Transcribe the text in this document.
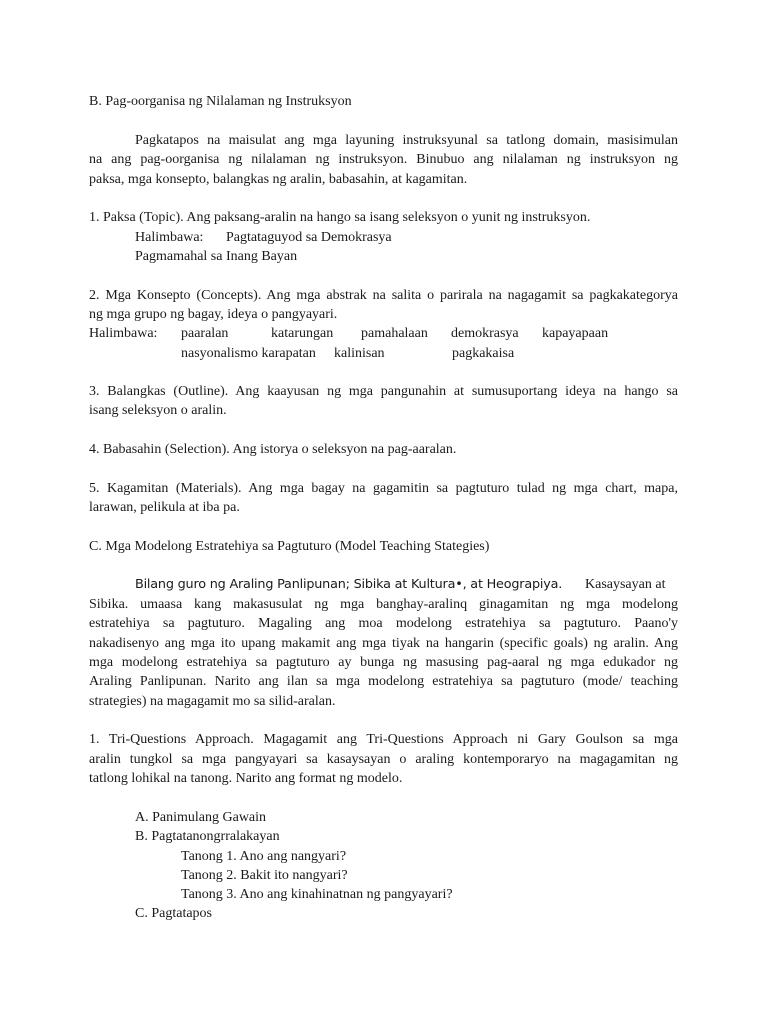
B. Pag-oorganisa ng Nilalaman ng Instruksyon
Pagkatapos na maisulat ang mga layuning instruksyunal sa tatlong domain, masisimulan
na ang pag-oorganisa ng nilalaman ng instruksyon. Binubuo ang nilalaman ng instruksyon ng
paksa, mga konsepto, balangkas ng aralin, babasahin, at kagamitan.
1. Paksa (Topic). Ang paksang-aralin na hango sa isang seleksyon o yunit ng instruksyon.
Halimbawa: Pagtataguyod sa Demokrasya
Pagmamahal sa Inang Bayan
2. Mga Konsepto (Concepts). Ang mga abstrak na salita o parirala na nagagamit sa pagkakategorya
ng mga grupo ng bagay, ideya o pangyayari.
Halimbawa: paaralan	katarungan pamahalaan demokrasya kapayapaan
nasyonalismo karapatan kalinisan	pagkakaisa
3. Balangkas (Outline). Ang kaayusan ng mga pangunahin at sumusuportang ideya na hango sa
isang seleksyon o aralin.
4. Babasahin (Selection). Ang istorya o seleksyon na pag-aaralan.
5. Kagamitan (Materials). Ang mga bagay na gagamitin sa pagtuturo tulad ng mga chart, mapa,
larawan, pelikula at iba pa.
C. Mga Modelong Estratehiya sa Pagtuturo (Model Teaching Stategies)
Bilang guro ng Araling Panlipunan; Sibika at Kultura•, at Heograpiya. Kasaysayan at
Sibika. umaasa kang makasusulat ng mga banghay-aralinq ginagamitan ng mga modelong
estratehiya sa pagtuturo. Magaling ang moa modelong estratehiya sa pagtuturo. Paano'y
nakadisenyo ang mga ito upang makamit ang mga tiyak na hangarin (specific goals) ng aralin. Ang
mga modelong estratehiya sa pagtuturo ay bunga ng masusing pag-aaral ng mga edukador ng
Araling Panlipunan. Narito ang ilan sa mga modelong estratehiya sa pagtuturo (mode/ teaching
strategies) na magagamit mo sa silid-aralan.
1. Tri-Questions Approach. Magagamit ang Tri-Questions Approach ni Gary Goulson sa mga
aralin tungkol sa mga pangyayari sa kasaysayan o araling kontemporaryo na magagamitan ng
tatlong lohikal na tanong. Narito ang format ng modelo.
A. Panimulang Gawain
B. Pagtatanongrralakayan
Tanong 1. Ano ang nangyari?
Tanong 2. Bakit ito nangyari?
Tanong 3. Ano ang kinahinatnan ng pangyayari?
C. Pagtatapos
